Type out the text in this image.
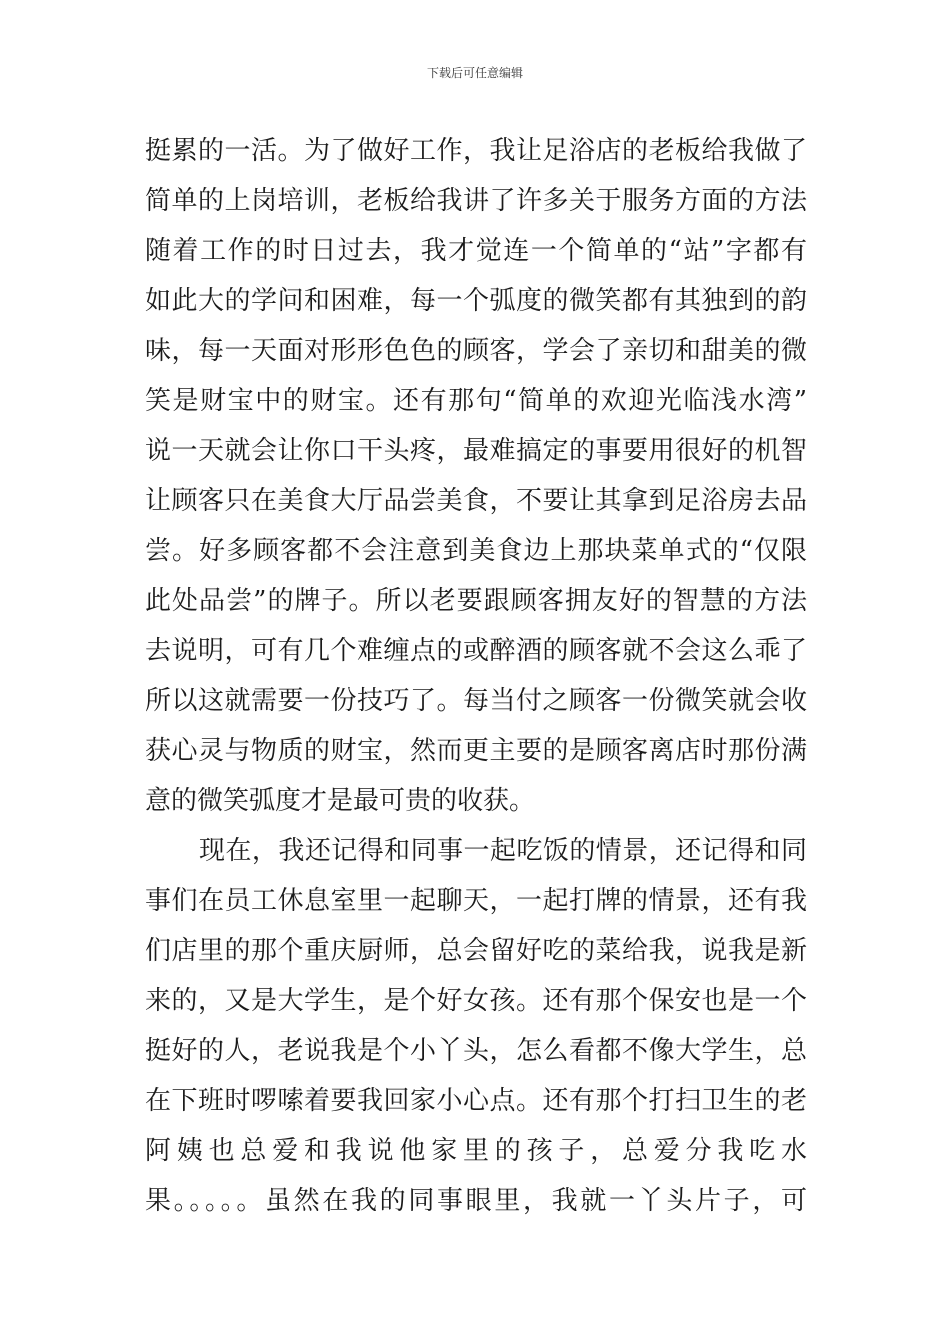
下载后可任意编辑
挺累的一活。为了做好工作，我让足浴店的老板给我做了
简单的上岗培训，老板给我讲了许多关于服务方面的方法
随着工作的时日过去，我才觉连一个简单的“站”字都有
如此大的学问和困难，每一个弧度的微笑都有其独到的韵
味，每一天面对形形色色的顾客，学会了亲切和甜美的微
笑是财宝中的财宝。还有那句“简单的欢迎光临浅水湾”
说一天就会让你口干头疼，最难搞定的事要用很好的机智
让顾客只在美食大厅品尝美食，不要让其拿到足浴房去品
尝。好多顾客都不会注意到美食边上那块菜单式的“仅限
此处品尝”的牌子。所以老要跟顾客拥友好的智慧的方法
去说明，可有几个难缠点的或醉酒的顾客就不会这么乖了
所以这就需要一份技巧了。每当付之顾客一份微笑就会收
获心灵与物质的财宝，然而更主要的是顾客离店时那份满
意的微笑弧度才是最可贵的收获。
现在，我还记得和同事一起吃饭的情景，还记得和同
事们在员工休息室里一起聊天，一起打牌的情景，还有我
们店里的那个重庆厨师，总会留好吃的菜给我，说我是新
来的，又是大学生，是个好女孩。还有那个保安也是一个
挺好的人，老说我是个小丫头，怎么看都不像大学生，总
在下班时啰嗦着要我回家小心点。还有那个打扫卫生的老
阿姨也总爱和我说他家里的孩子，总爱分我吃水
果。。。。。虽然在我的同事眼里，我就一丫头片子，可
